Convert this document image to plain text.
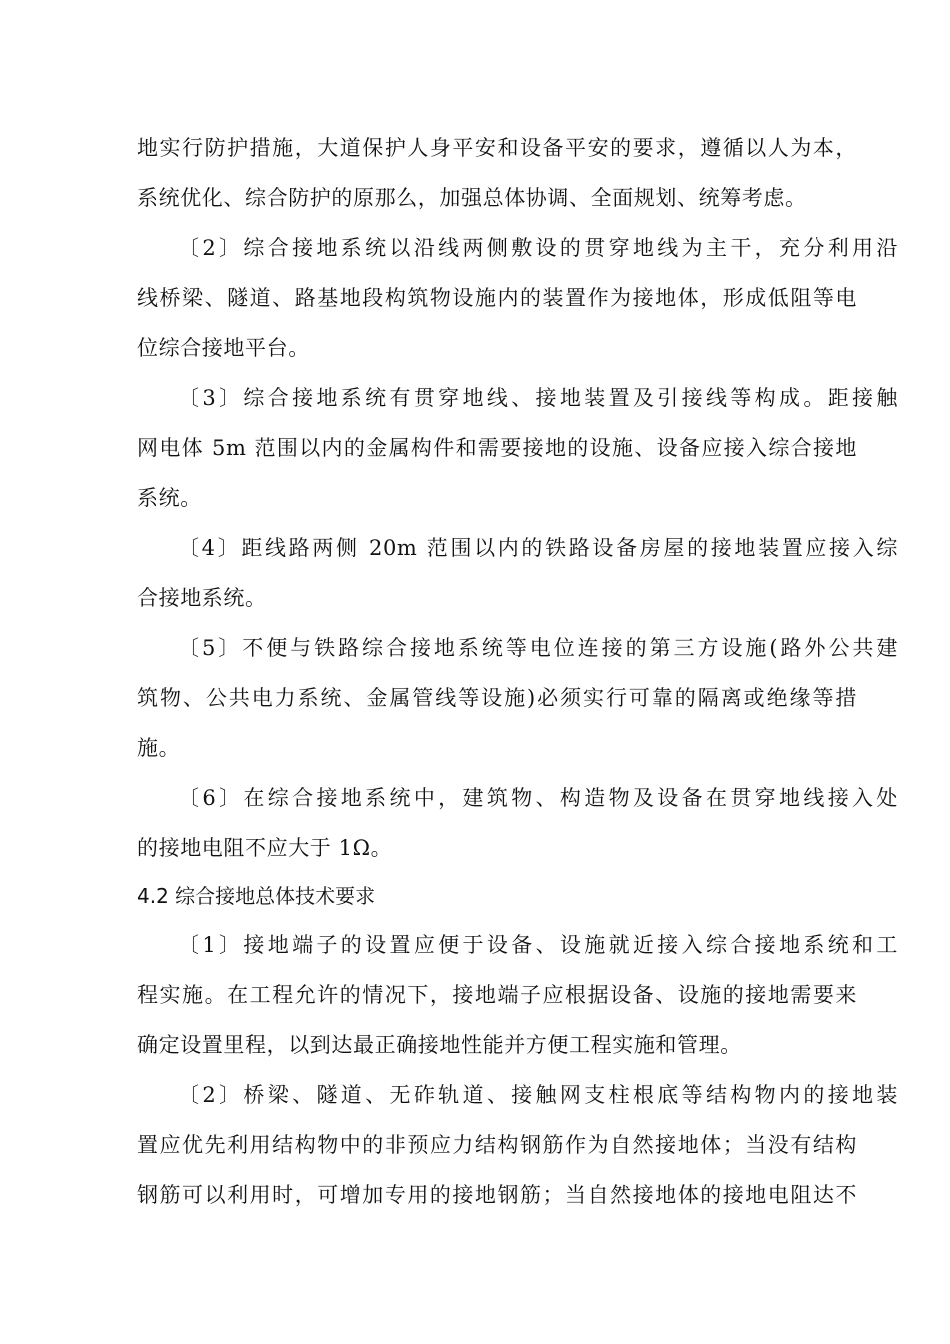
地实行防护措施，大道保护人身平安和设备平安的要求，遵循以人为本，
系统优化、综合防护的原那么，加强总体协调、全面规划、统筹考虑。
〔2〕综合接地系统以沿线两侧敷设的贯穿地线为主干，充分利用沿
线桥梁、隧道、路基地段构筑物设施内的装置作为接地体，形成低阻等电
位综合接地平台。
〔3〕综合接地系统有贯穿地线、接地装置及引接线等构成。距接触
网电体 5m 范围以内的金属构件和需要接地的设施、设备应接入综合接地
系统。
〔4〕距线路两侧 20m 范围以内的铁路设备房屋的接地装置应接入综
合接地系统。
〔5〕不便与铁路综合接地系统等电位连接的第三方设施(路外公共建
筑物、公共电力系统、金属管线等设施)必须实行可靠的隔离或绝缘等措
施。
〔6〕在综合接地系统中，建筑物、构造物及设备在贯穿地线接入处
的接地电阻不应大于 1Ω。
4.2 综合接地总体技术要求
〔1〕接地端子的设置应便于设备、设施就近接入综合接地系统和工
程实施。在工程允许的情况下，接地端子应根据设备、设施的接地需要来
确定设置里程，以到达最正确接地性能并方便工程实施和管理。
〔2〕桥梁、隧道、无砟轨道、接触网支柱根底等结构物内的接地装
置应优先利用结构物中的非预应力结构钢筋作为自然接地体；当没有结构
钢筋可以利用时，可增加专用的接地钢筋；当自然接地体的接地电阻达不
